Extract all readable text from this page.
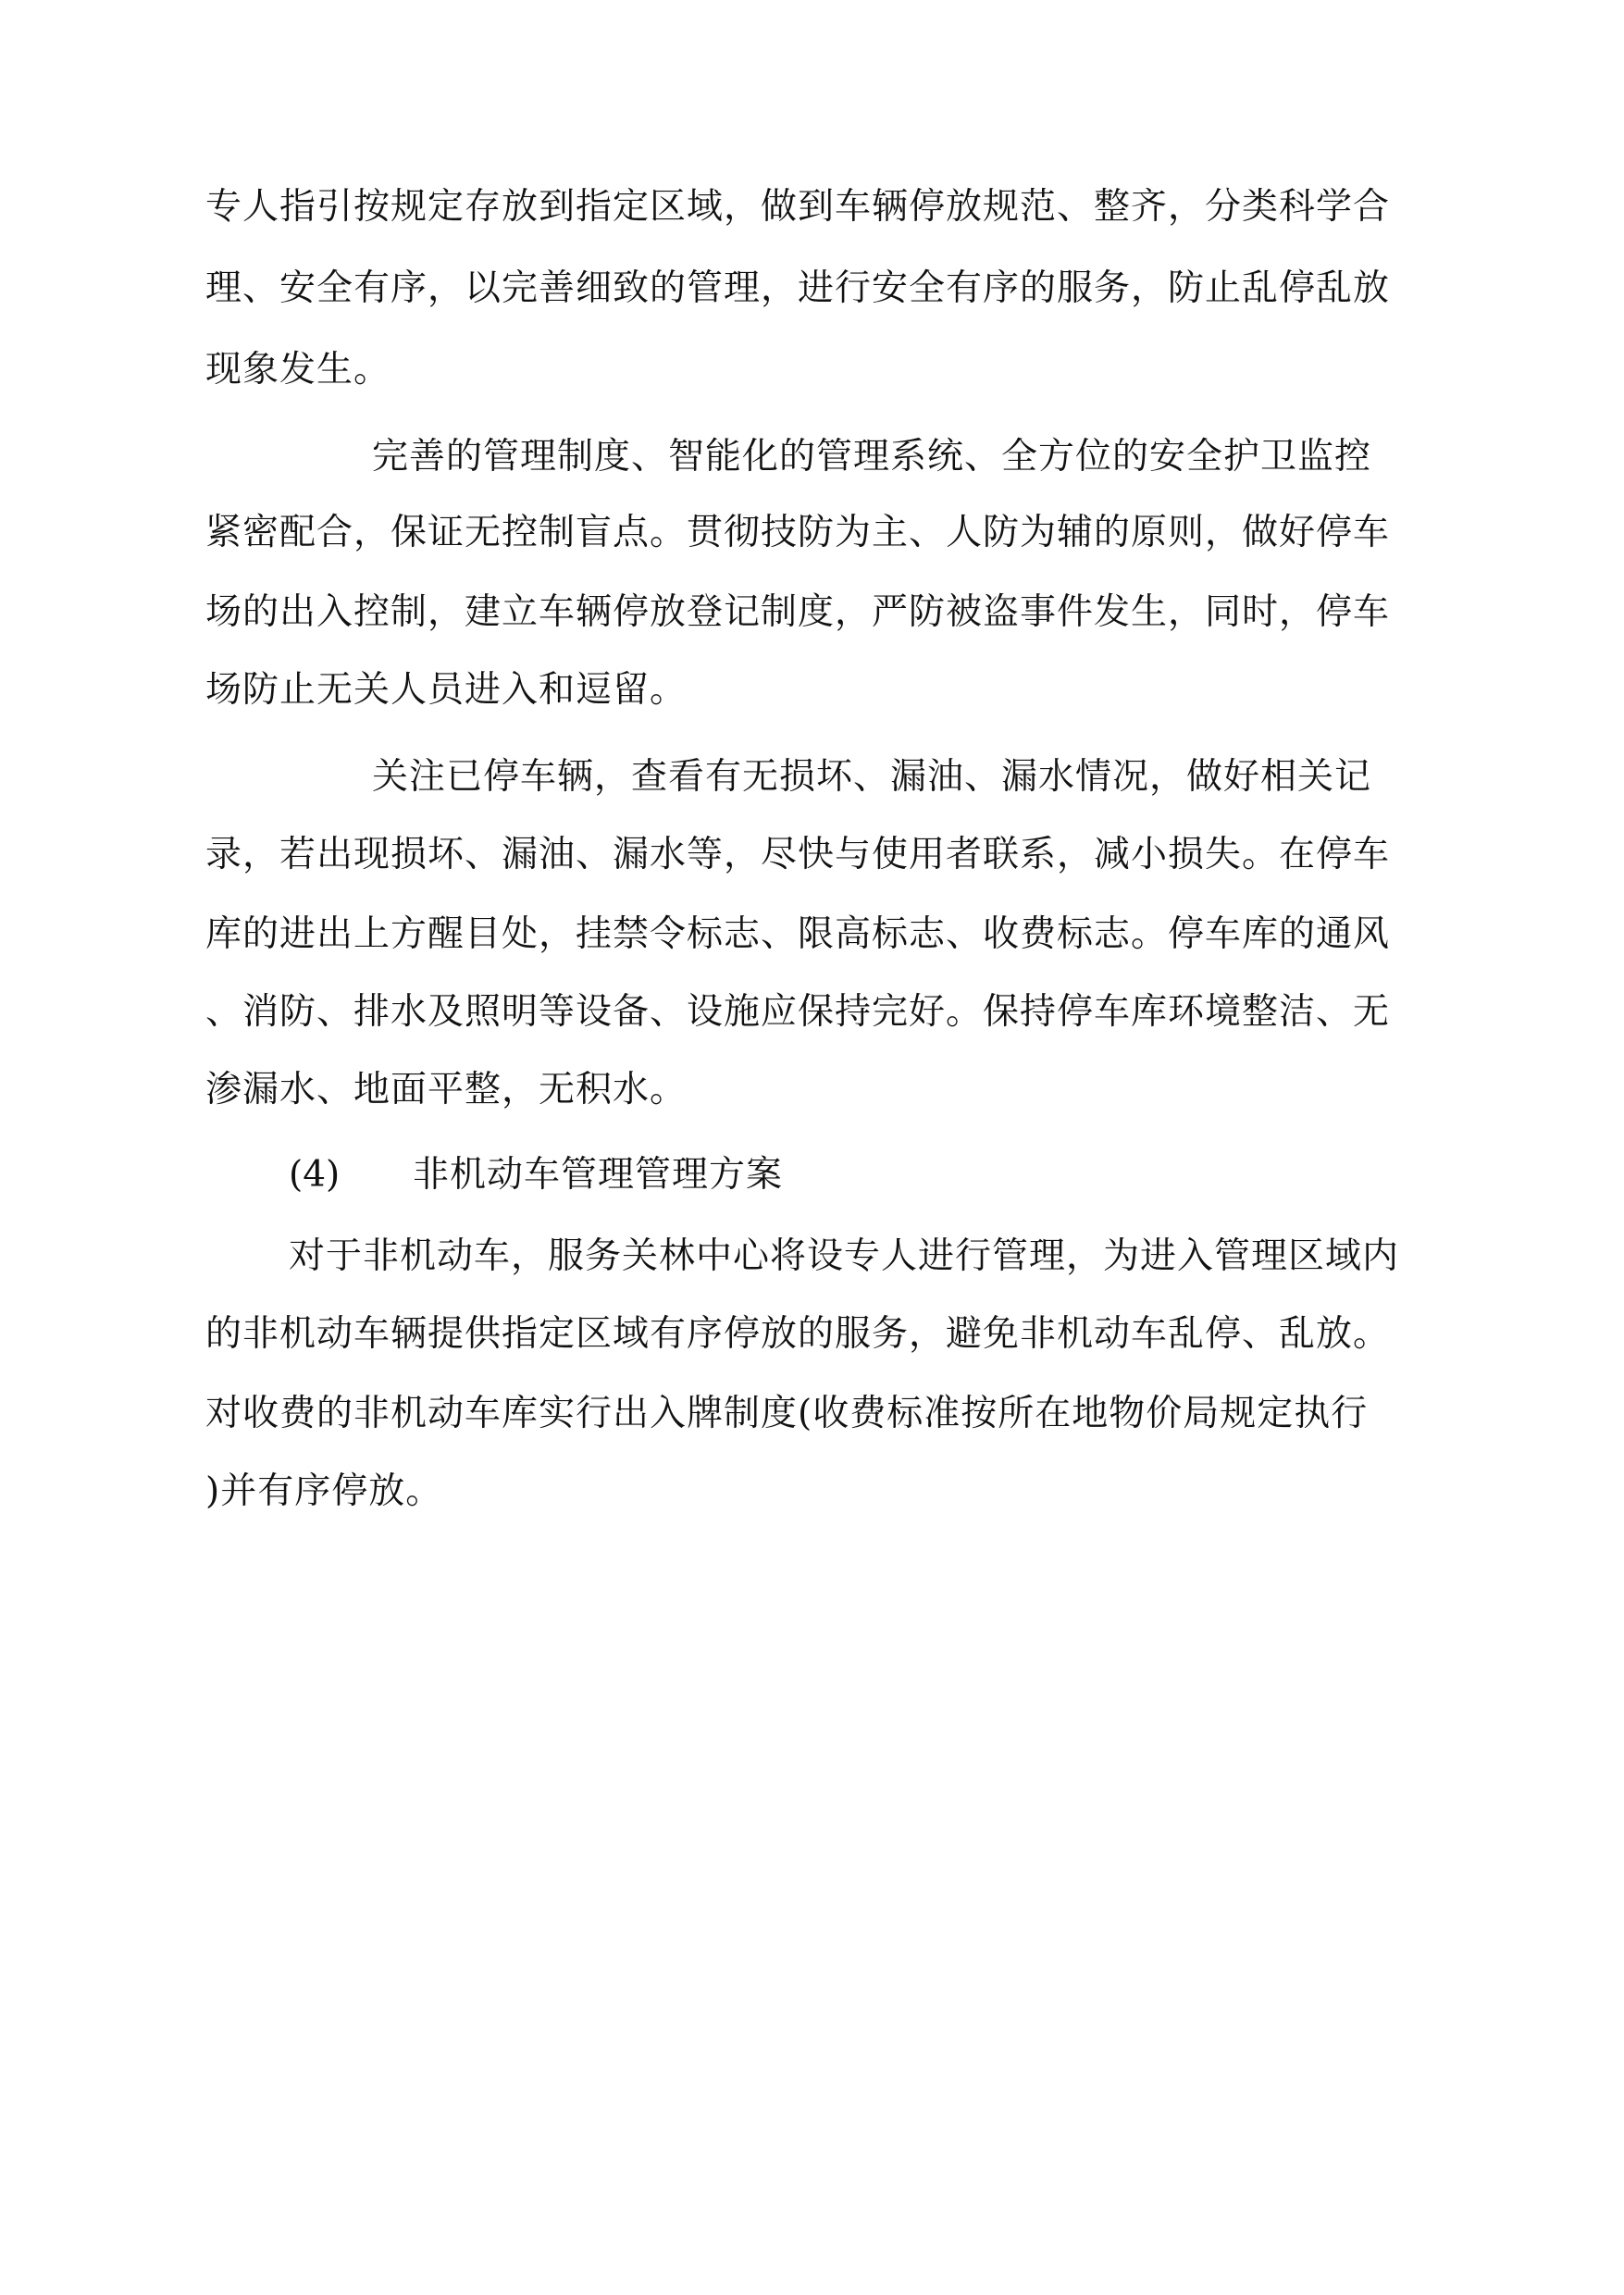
专人指引按规定存放到指定区域，做到车辆停放规范、整齐，分类科学合
理、安全有序，以完善细致的管理，进行安全有序的服务，防止乱停乱放
现象发生。
完善的管理制度、智能化的管理系统、全方位的安全护卫监控
紧密配合，保证无控制盲点。贯彻技防为主、人防为辅的原则，做好停车
场的出入控制，建立车辆停放登记制度，严防被盗事件发生，同时，停车
场防止无关人员进入和逗留。
关注已停车辆，查看有无损坏、漏油、漏水情况，做好相关记
录，若出现损坏、漏油、漏水等，尽快与使用者联系，减小损失。在停车
库的进出上方醒目处，挂禁令标志、限高标志、收费标志。停车库的通风
、消防、排水及照明等设备、设施应保持完好。保持停车库环境整洁、无
渗漏水、地面平整，无积水。
(4) 非机动车管理管理方案
对于非机动车，服务关林中心将设专人进行管理，为进入管理区域内
的非机动车辆提供指定区域有序停放的服务，避免非机动车乱停、乱放。
对收费的非机动车库实行出入牌制度(收费标准按所在地物价局规定执行
)并有序停放。
